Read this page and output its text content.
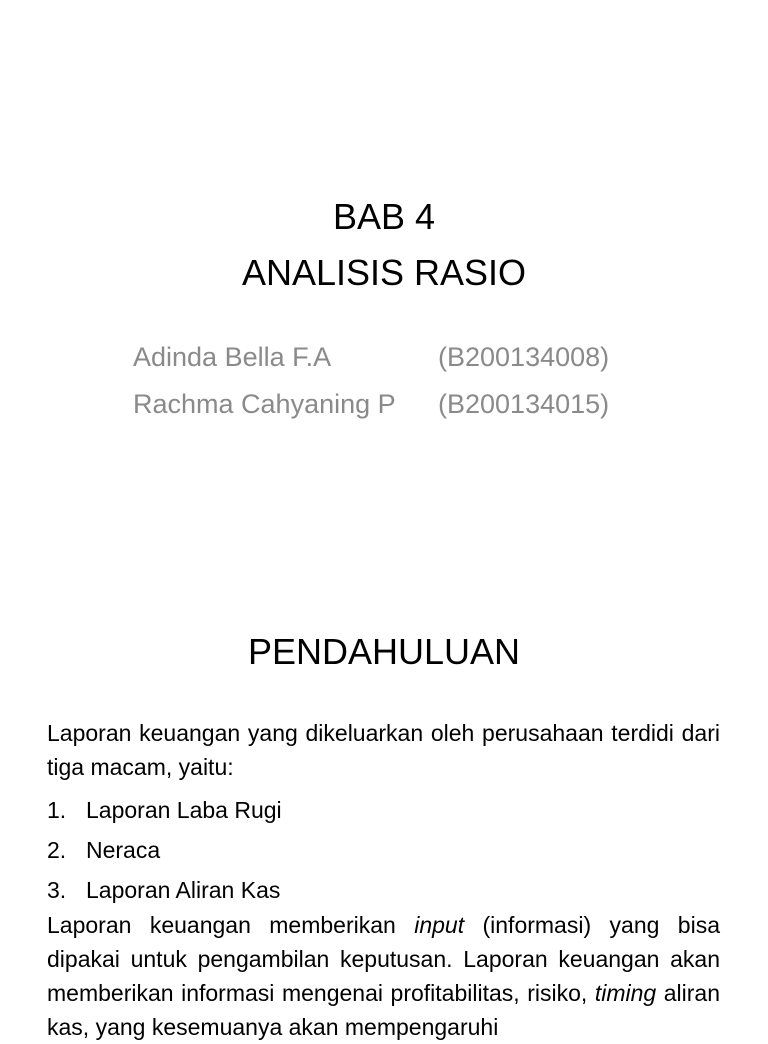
BAB 4
ANALISIS RASIO
Adinda Bella F.A	(B200134008)
Rachma Cahyaning P	(B200134015)
PENDAHULUAN

Laporan keuangan yang dikeluarkan oleh perusahaan terdidi dari tiga macam, yaitu:

1. Laporan Laba Rugi
2. Neraca
3. Laporan Aliran Kas

Laporan keuangan memberikan input (informasi) yang bisa dipakai untuk pengambilan keputusan. Laporan keuangan akan memberikan informasi mengenai profitabilitas, risiko, timing aliran kas, yang kesemuanya akan mempengaruhi
